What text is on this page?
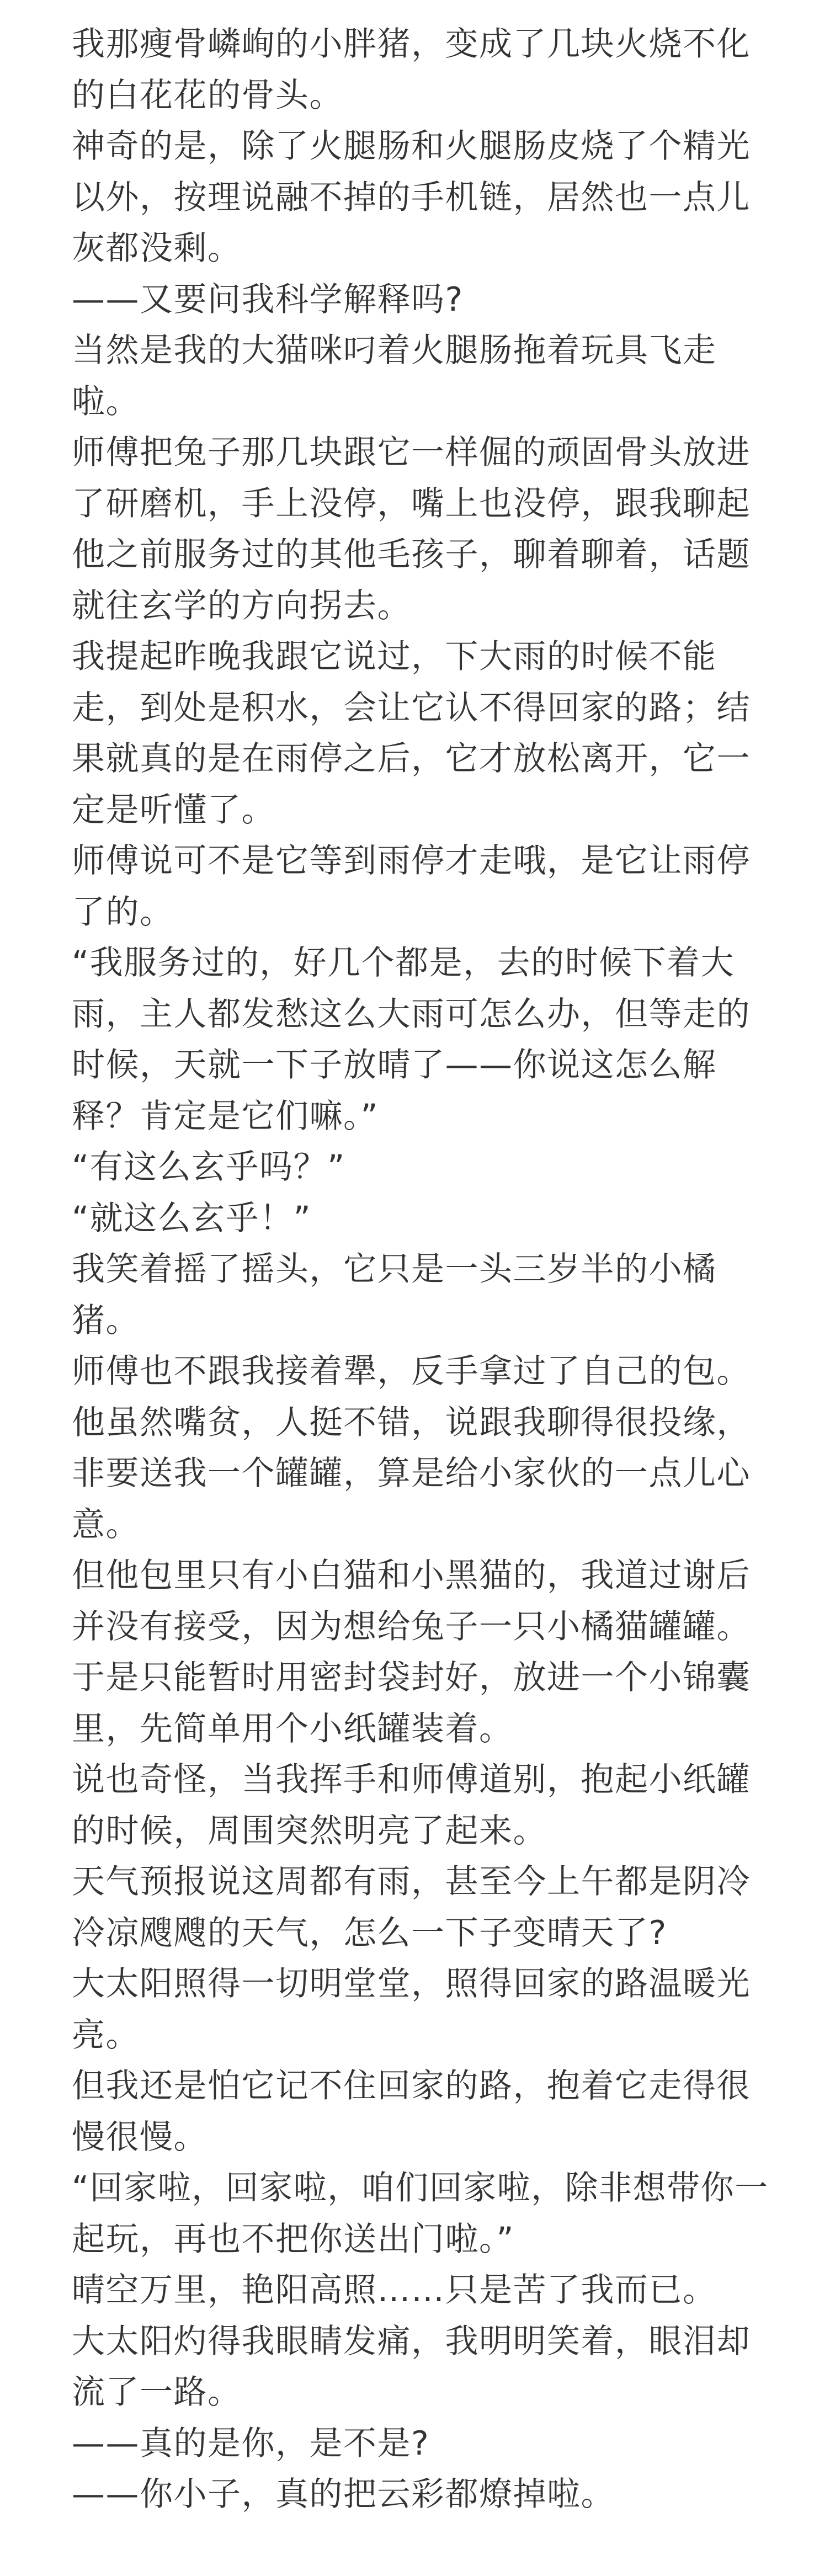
我那瘦骨嶙峋的小胖猪，变成了几块火烧不化的白花花的骨头。

神奇的是，除了火腿肠和火腿肠皮烧了个精光以外，按理说融不掉的手机链，居然也一点儿灰都没剩。

——又要问我科学解释吗?

当然是我的大猫咪叼着火腿肠拖着玩具飞走啦。

师傅把兔子那几块跟它一样倔的顽固骨头放进了研磨机，手上没停，嘴上也没停，跟我聊起他之前服务过的其他毛孩子，聊着聊着，话题就往玄学的方向拐去。

我提起昨晚我跟它说过，下大雨的时候不能走，到处是积水，会让它认不得回家的路；结果就真的是在雨停之后，它才放松离开，它一定是听懂了。

师傅说可不是它等到雨停才走哦，是它让雨停了的。

“我服务过的，好几个都是，去的时候下着大雨，主人都发愁这么大雨可怎么办，但等走的时候，天就一下子放晴了——你说这怎么解释？肯定是它们嘛。”

“有这么玄乎吗？”

“就这么玄乎！”

我笑着摇了摇头，它只是一头三岁半的小橘猪。

师傅也不跟我接着犟，反手拿过了自己的包。

他虽然嘴贫，人挺不错，说跟我聊得很投缘，非要送我一个罐罐，算是给小家伙的一点儿心意。

但他包里只有小白猫和小黑猫的，我道过谢后并没有接受，因为想给兔子一只小橘猫罐罐。

于是只能暂时用密封袋封好，放进一个小锦囊里，先简单用个小纸罐装着。

说也奇怪，当我挥手和师傅道别，抱起小纸罐的时候，周围突然明亮了起来。

天气预报说这周都有雨，甚至今上午都是阴冷冷凉飕飕的天气，怎么一下子变晴天了?

大太阳照得一切明堂堂，照得回家的路温暖光亮。

但我还是怕它记不住回家的路，抱着它走得很慢很慢。

“回家啦，回家啦，咱们回家啦，除非想带你一起玩，再也不把你送出门啦。”

晴空万里，艳阳高照……只是苦了我而已。

大太阳灼得我眼睛发痛，我明明笑着，眼泪却流了一路。

——真的是你，是不是?

——你小子，真的把云彩都燎掉啦。
